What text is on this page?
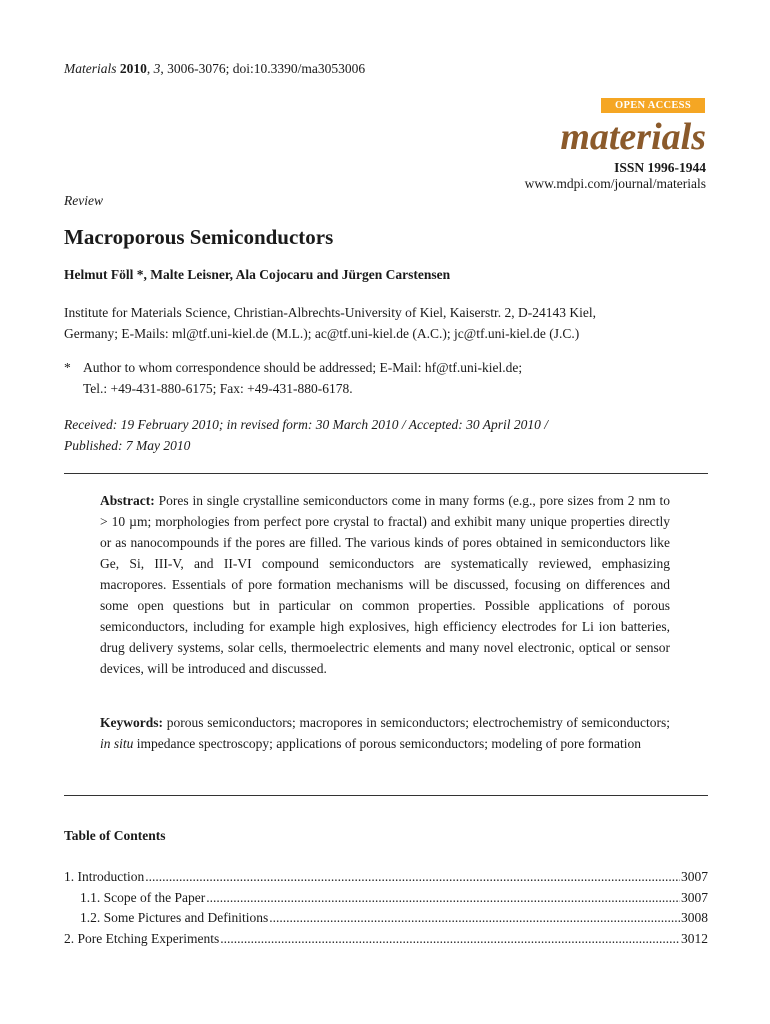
Materials 2010, 3, 3006-3076; doi:10.3390/ma3053006
OPEN ACCESS
materials
ISSN 1996-1944
www.mdpi.com/journal/materials
Review
Macroporous Semiconductors
Helmut Föll *, Malte Leisner, Ala Cojocaru and Jürgen Carstensen
Institute for Materials Science, Christian-Albrechts-University of Kiel, Kaiserstr. 2, D-24143 Kiel,
Germany; E-Mails: ml@tf.uni-kiel.de (M.L.); ac@tf.uni-kiel.de (A.C.); jc@tf.uni-kiel.de (J.C.)
* Author to whom correspondence should be addressed; E-Mail: hf@tf.uni-kiel.de;
Tel.: +49-431-880-6175; Fax: +49-431-880-6178.
Received: 19 February 2010; in revised form: 30 March 2010 / Accepted: 30 April 2010 /
Published: 7 May 2010
Abstract: Pores in single crystalline semiconductors come in many forms (e.g., pore sizes from 2 nm to > 10 µm; morphologies from perfect pore crystal to fractal) and exhibit many unique properties directly or as nanocompounds if the pores are filled. The various kinds of pores obtained in semiconductors like Ge, Si, III-V, and II-VI compound semiconductors are systematically reviewed, emphasizing macropores. Essentials of pore formation mechanisms will be discussed, focusing on differences and some open questions but in particular on common properties. Possible applications of porous semiconductors, including for example high explosives, high efficiency electrodes for Li ion batteries, drug delivery systems, solar cells, thermoelectric elements and many novel electronic, optical or sensor devices, will be introduced and discussed.
Keywords: porous semiconductors; macropores in semiconductors; electrochemistry of semiconductors; in situ impedance spectroscopy; applications of porous semiconductors; modeling of pore formation
Table of Contents
1. Introduction .....	3007
1.1. Scope of the Paper .....	3007
1.2. Some Pictures and Definitions .....	3008
2. Pore Etching Experiments .....	3012
